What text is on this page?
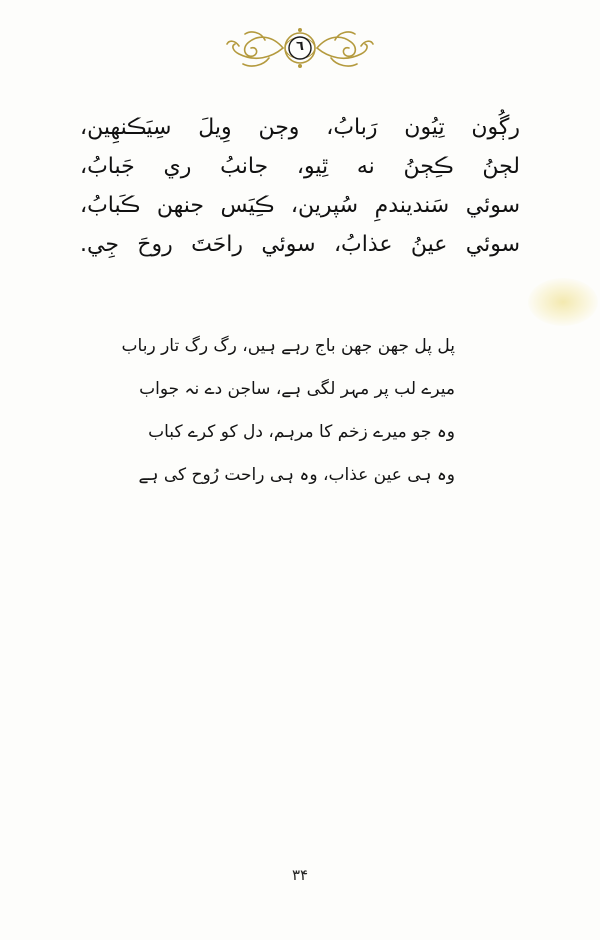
٦
رڳُون تِيُون رَبابُ، وڄن وِيلَ سِيَڪنهِين،
لڄنُ ڪِڄنُ نه ٿِيو، جانبُ ري جَبابُ،
سوئي سَنديندمِ سُپرين، ڪِيَس جنهن ڪَبابُ،
سوئي عينُ عذابُ، سوئي راحَتَ روحَ جِي.
پل پل جھن جھن باج رہے ہیں، رگ رگ تار رباب
میرے لب پر مہر لگی ہے، ساجن دے نہ جواب
وہ جو میرے زخم کا مرہم، دل کو کرے کباب
وہ ہی عین عذاب، وہ ہی راحت رُوح کی ہے
۳۴
